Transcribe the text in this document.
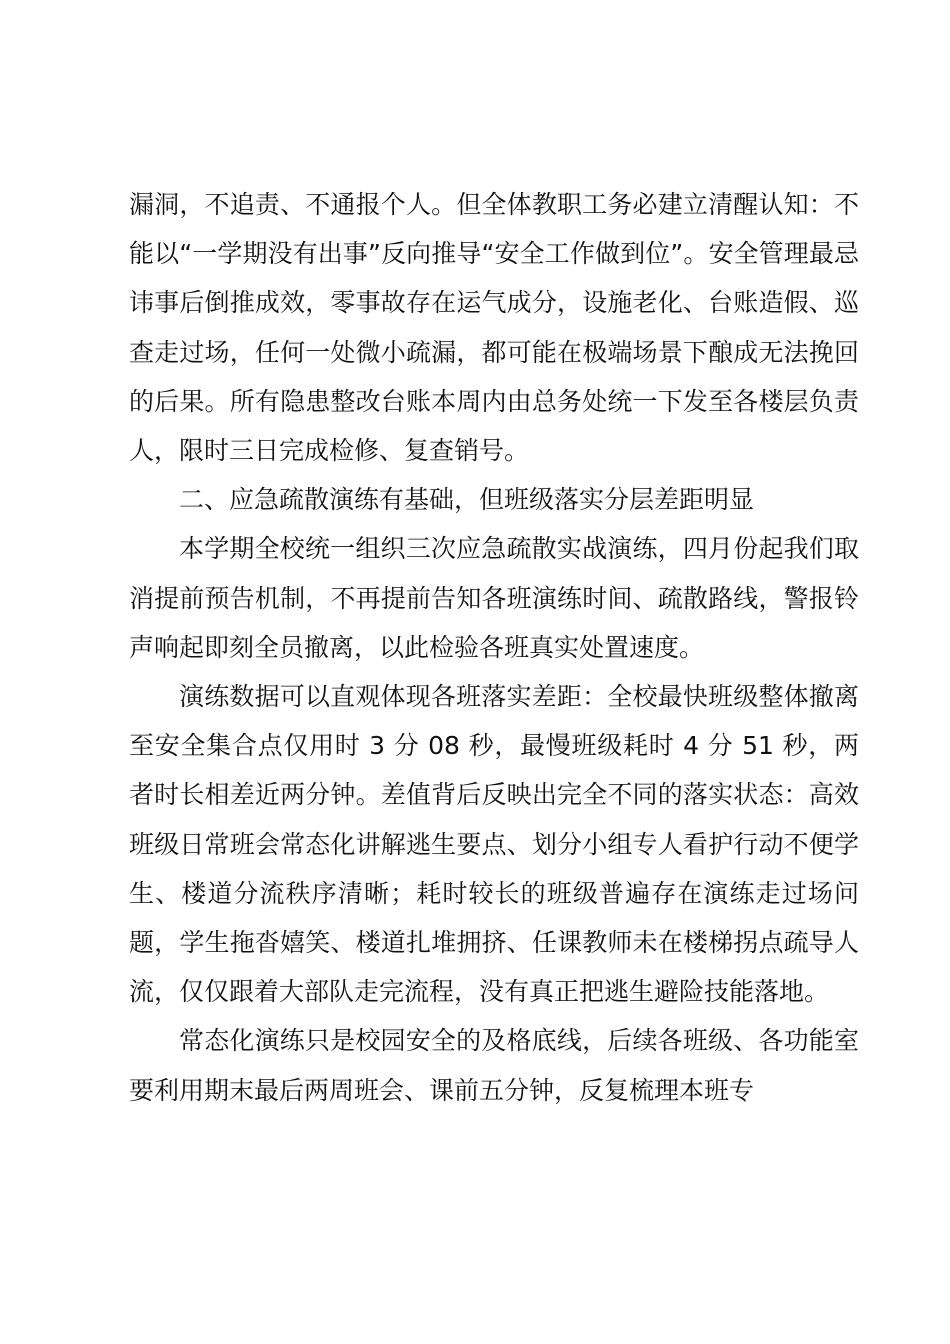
漏洞，不追责、不通报个人。但全体教职工务必建立清醒认知：不能以“一学期没有出事”反向推导“安全工作做到位”。安全管理最忌讳事后倒推成效，零事故存在运气成分，设施老化、台账造假、巡查走过场，任何一处微小疏漏，都可能在极端场景下酿成无法挽回的后果。所有隐患整改台账本周内由总务处统一下发至各楼层负责人，限时三日完成检修、复查销号。

二、应急疏散演练有基础，但班级落实分层差距明显

本学期全校统一组织三次应急疏散实战演练，四月份起我们取消提前预告机制，不再提前告知各班演练时间、疏散路线，警报铃声响起即刻全员撤离，以此检验各班真实处置速度。

演练数据可以直观体现各班落实差距：全校最快班级整体撤离至安全集合点仅用时 3 分 08 秒，最慢班级耗时 4 分 51 秒，两者时长相差近两分钟。差值背后反映出完全不同的落实状态：高效班级日常班会常态化讲解逃生要点、划分小组专人看护行动不便学生、楼道分流秩序清晰；耗时较长的班级普遍存在演练走过场问题，学生拖沓嬉笑、楼道扎堆拥挤、任课教师未在楼梯拐点疏导人流，仅仅跟着大部队走完流程，没有真正把逃生避险技能落地。

常态化演练只是校园安全的及格底线，后续各班级、各功能室要利用期末最后两周班会、课前五分钟，反复梳理本班专
